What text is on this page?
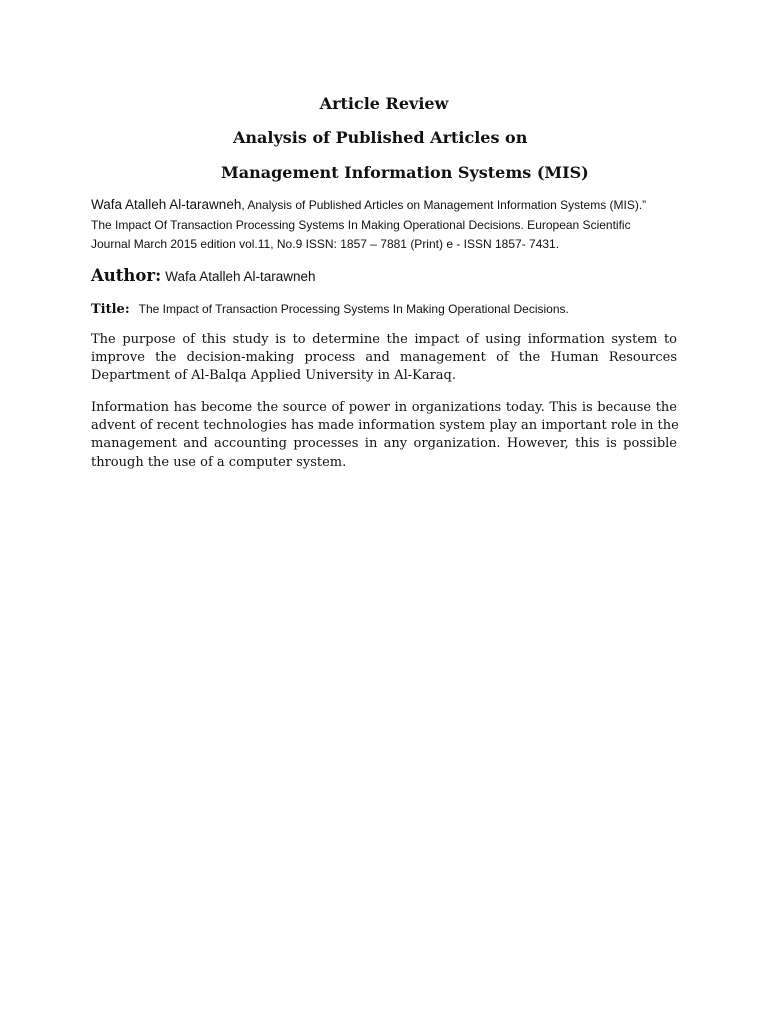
Article Review
Analysis of Published Articles on
Management Information Systems (MIS)
Wafa Atalleh Al-tarawneh, Analysis of Published Articles on Management Information Systems (MIS).”
The Impact Of Transaction Processing Systems In Making Operational Decisions. European Scientific
Journal March 2015 edition vol.11, No.9 ISSN: 1857 – 7881 (Print) e - ISSN 1857- 7431.
Author: Wafa Atalleh Al-tarawneh
Title: The Impact of Transaction Processing Systems In Making Operational Decisions.
The purpose of this study is to determine the impact of using information system to
improve the decision-making process and management of the Human Resources
Department of Al-Balqa Applied University in Al-Karaq.
Information has become the source of power in organizations today. This is because the
advent of recent technologies has made information system play an important role in the
management and accounting processes in any organization. However, this is possible
through the use of a computer system.
